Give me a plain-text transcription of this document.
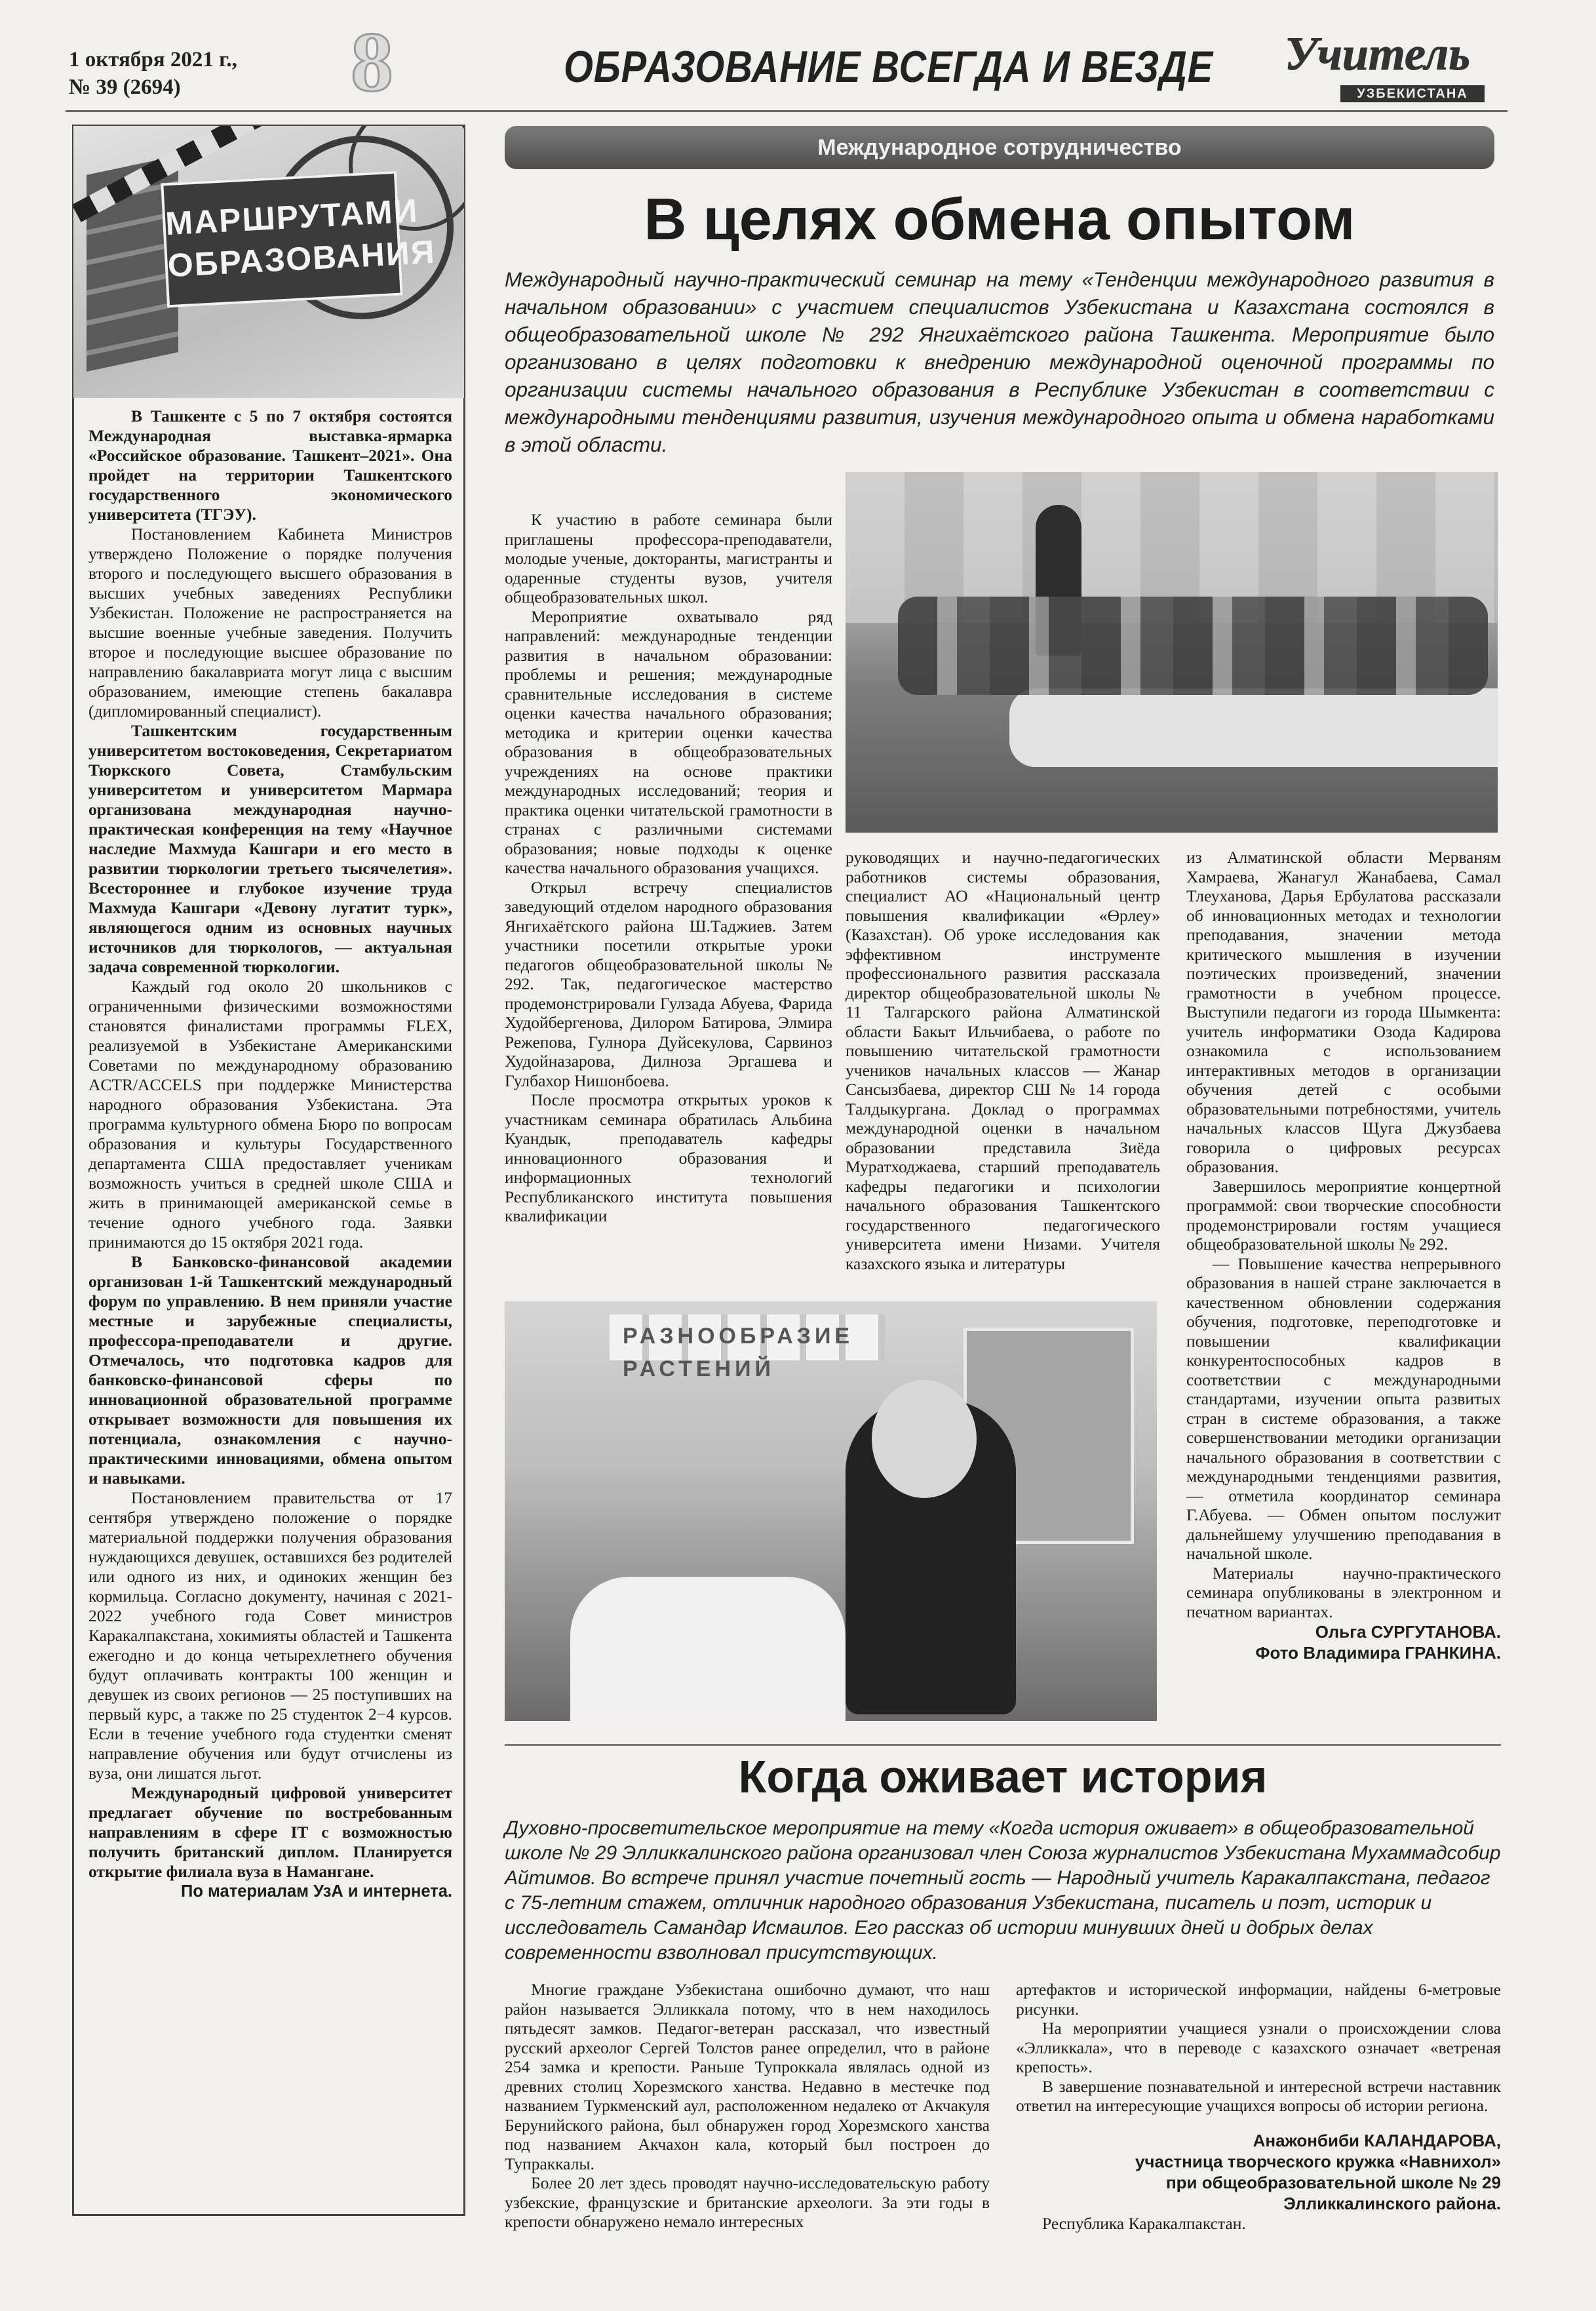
1 октября 2021 г.,
№ 39 (2694)	8	ОБРАЗОВАНИЕ ВСЕГДА И ВЕЗДЕ Учитель
УЗБЕКИСТАНА
МАРШРУТАМИ
ОБРАЗОВАНИЯ

В Ташкенте с 5 по 7 октября состоятся Международная выставка-ярмарка «Российское образование. Ташкент–2021». Она пройдет на территории Ташкентского государственного экономического университета (ТГЭУ).

Постановлением Кабинета Министров утверждено Положение о порядке получения второго и последующего высшего образования в высших учебных заведениях Республики Узбекистан. Положение не распространяется на высшие военные учебные заведения. Получить второе и последующие высшее образование по направлению бакалавриата могут лица с высшим образованием, имеющие степень бакалавра (дипломированный специалист).

Ташкентским государственным университетом востоковедения, Секретариатом Тюркского Совета, Стамбульским университетом и университетом Мармара организована международная научно-практическая конференция на тему «Научное наследие Махмуда Кашгари и его место в развитии тюркологии третьего тысячелетия». Всестороннее и глубокое изучение труда Махмуда Кашгари «Девону лугатит турк», являющегося одним из основных научных источников для тюркологов, — актуальная задача современной тюркологии.

Каждый год около 20 школьников с ограниченными физическими возможностями становятся финалистами программы FLEX, реализуемой в Узбекистане Американскими Советами по международному образованию ACTR/ACCELS при поддержке Министерства народного образования Узбекистана. Эта программа культурного обмена Бюро по вопросам образования и культуры Государственного департамента США предоставляет ученикам возможность учиться в средней школе США и жить в принимающей американской семье в течение одного учебного года. Заявки принимаются до 15 октября 2021 года.

В Банковско-финансовой академии организован 1-й Ташкентский международный форум по управлению. В нем приняли участие местные и зарубежные специалисты, профессора-преподаватели и другие. Отмечалось, что подготовка кадров для банковско-финансовой сферы по инновационной образовательной программе открывает возможности для повышения их потенциала, ознакомления с научно-практическими инновациями, обмена опытом и навыками.

Постановлением правительства от 17 сентября утверждено положение о порядке материальной поддержки получения образования нуждающихся девушек, оставшихся без родителей или одного из них, и одиноких женщин без кормильца. Согласно документу, начиная с 2021-2022 учебного года Совет министров Каракалпакстана, хокимияты областей и Ташкента ежегодно и до конца четырехлетнего обучения будут оплачивать контракты 100 женщин и девушек из своих регионов — 25 поступивших на первый курс, а также по 25 студенток 2−4 курсов. Если в течение учебного года студентки сменят направление обучения или будут отчислены из вуза, они лишатся льгот.

Международный цифровой университет предлагает обучение по востребованным направлениям в сфере IT с возможностью получить британский диплом. Планируется открытие филиала вуза в Намангане.

По материалам УзА и интернета.

Международное сотрудничество
В целях обмена опытом
Международный научно-практический семинар на тему «Тенденции международного развития в начальном образовании» с участием специалистов Узбекистана и Казахстана состоялся в общеобразовательной школе № 292 Янгихаётского района Ташкента. Мероприятие было организовано в целях подготовки к внедрению международной оценочной программы по организации системы начального образования в Республике Узбекистан в соответствии с международными тенденциями развития, изучения международного опыта и обмена наработками в этой области.

К участию в работе семинара были приглашены профессора-преподаватели, молодые ученые, докторанты, магистранты и одаренные студенты вузов, учителя общеобразовательных школ.

Мероприятие охватывало ряд направлений: международные тенденции развития в начальном образовании: проблемы и решения; международные сравнительные исследования в системе оценки качества начального образования; методика и критерии оценки качества образования в общеобразовательных учреждениях на основе практики международных исследований; теория и практика оценки читательской грамотности в странах с различными системами образования; новые подходы к оценке качества начального образования учащихся.

Открыл встречу специалистов заведующий отделом народного образования Янгихаётского района Ш.Таджиев. Затем участники посетили открытые уроки педагогов общеобразовательной школы № 292. Так, педагогическое мастерство продемонстрировали Гулзада Абуева, Фарида Худойбергенова, Дилором Батирова, Элмира Режепова, Гулнора Дуйсекулова, Сарвиноз Худойназарова, Дилноза Эргашева и Гулбахор Нишонбоева.

После просмотра открытых уроков к участникам семинара обратилась Альбина Куандык, преподаватель кафедры инновационного образования и информационных технологий Республиканского института повышения квалификации

руководящих и научно-педагогических работников системы образования, специалист АО «Национальный центр повышения квалификации «Өрлеу» (Казахстан). Об уроке исследования как эффективном инструменте профессионального развития рассказала директор общеобразовательной школы № 11 Талгарского района Алматинской области Бакыт Ильчибаева, о работе по повышению читательской грамотности учеников начальных классов — Жанар Сансызбаева, директор СШ № 14 города Талдыкургана. Доклад о программах международной оценки в начальном образовании представила Зиёда Муратходжаева, старший преподаватель кафедры педагогики и психологии начального образования Ташкентского государственного педагогического университета имени Низами. Учителя казахского языка и литературы

из Алматинской области Мерваням Хамраева, Жанагул Жанабаева, Самал Тлеуханова, Дарья Ербулатова рассказали об инновационных методах и технологии преподавания, значении метода критического мышления в изучении поэтических произведений, значении грамотности в учебном процессе. Выступили педагоги из города Шымкента: учитель информатики Озода Кадирова ознакомила с использованием интерактивных методов в организации обучения детей с особыми образовательными потребностями, учитель начальных классов Щуга Джузбаева говорила о цифровых ресурсах образования.

Завершилось мероприятие концертной программой: свои творческие способности продемонстрировали гостям учащиеся общеобразовательной школы № 292.

— Повышение качества непрерывного образования в нашей стране заключается в качественном обновлении содержания обучения, подготовке, переподготовке и повышении квалификации конкурентоспособных кадров в соответствии с международными стандартами, изучении опыта развитых стран в системе образования, а также совершенствовании методики организации начального образования в соответствии с международными тенденциями развития, — отметила координатор семинара Г.Абуева. — Обмен опытом послужит дальнейшему улучшению преподавания в начальной школе.

Материалы научно-практического семинара опубликованы в электронном и печатном вариантах.

Ольга СУРГУТАНОВА.
Фото Владимира ГРАНКИНА.
РАЗНООБРАЗИЕ РАСТЕНИЙ
Когда оживает история
Духовно-просветительское мероприятие на тему «Когда история оживает» в общеобразовательной школе № 29 Элликкалинского района организовал член Союза журналистов Узбекистана Мухаммадсобир Айтимов. Во встрече принял участие почетный гость — Народный учитель Каракалпакстана, педагог с 75-летним стажем, отличник народного образования Узбекистана, писатель и поэт, историк и исследователь Самандар Исмаилов. Его рассказ об истории минувших дней и добрых делах современности взволновал присутствующих.

Многие граждане Узбекистана ошибочно думают, что наш район называется Элликкала потому, что в нем находилось пятьдесят замков. Педагог-ветеран рассказал, что известный русский археолог Сергей Толстов ранее определил, что в районе 254 замка и крепости. Раньше Тупроккала являлась одной из древних столиц Хорезмского ханства. Недавно в местечке под названием Туркменский аул, расположенном недалеко от Акчакуля Берунийского района, был обнаружен город Хорезмского ханства под названием Акчахон кала, который был построен до Тупраккалы.

Более 20 лет здесь проводят научно-исследовательскую работу узбекские, французские и британские археологи. За эти годы в крепости обнаружено немало интересных

артефактов и исторической информации, найдены 6-метровые рисунки.

На мероприятии учащиеся узнали о происхождении слова «Элликкала», что в переводе с казахского означает «ветреная крепость».

В завершение познавательной и интересной встречи наставник ответил на интересующие учащихся вопросы об истории региона.

Анажонбиби КАЛАНДАРОВА,
участница творческого кружка «Навнихол»
при общеобразовательной школе № 29
Элликкалинского района.
Республика Каракалпакстан.
